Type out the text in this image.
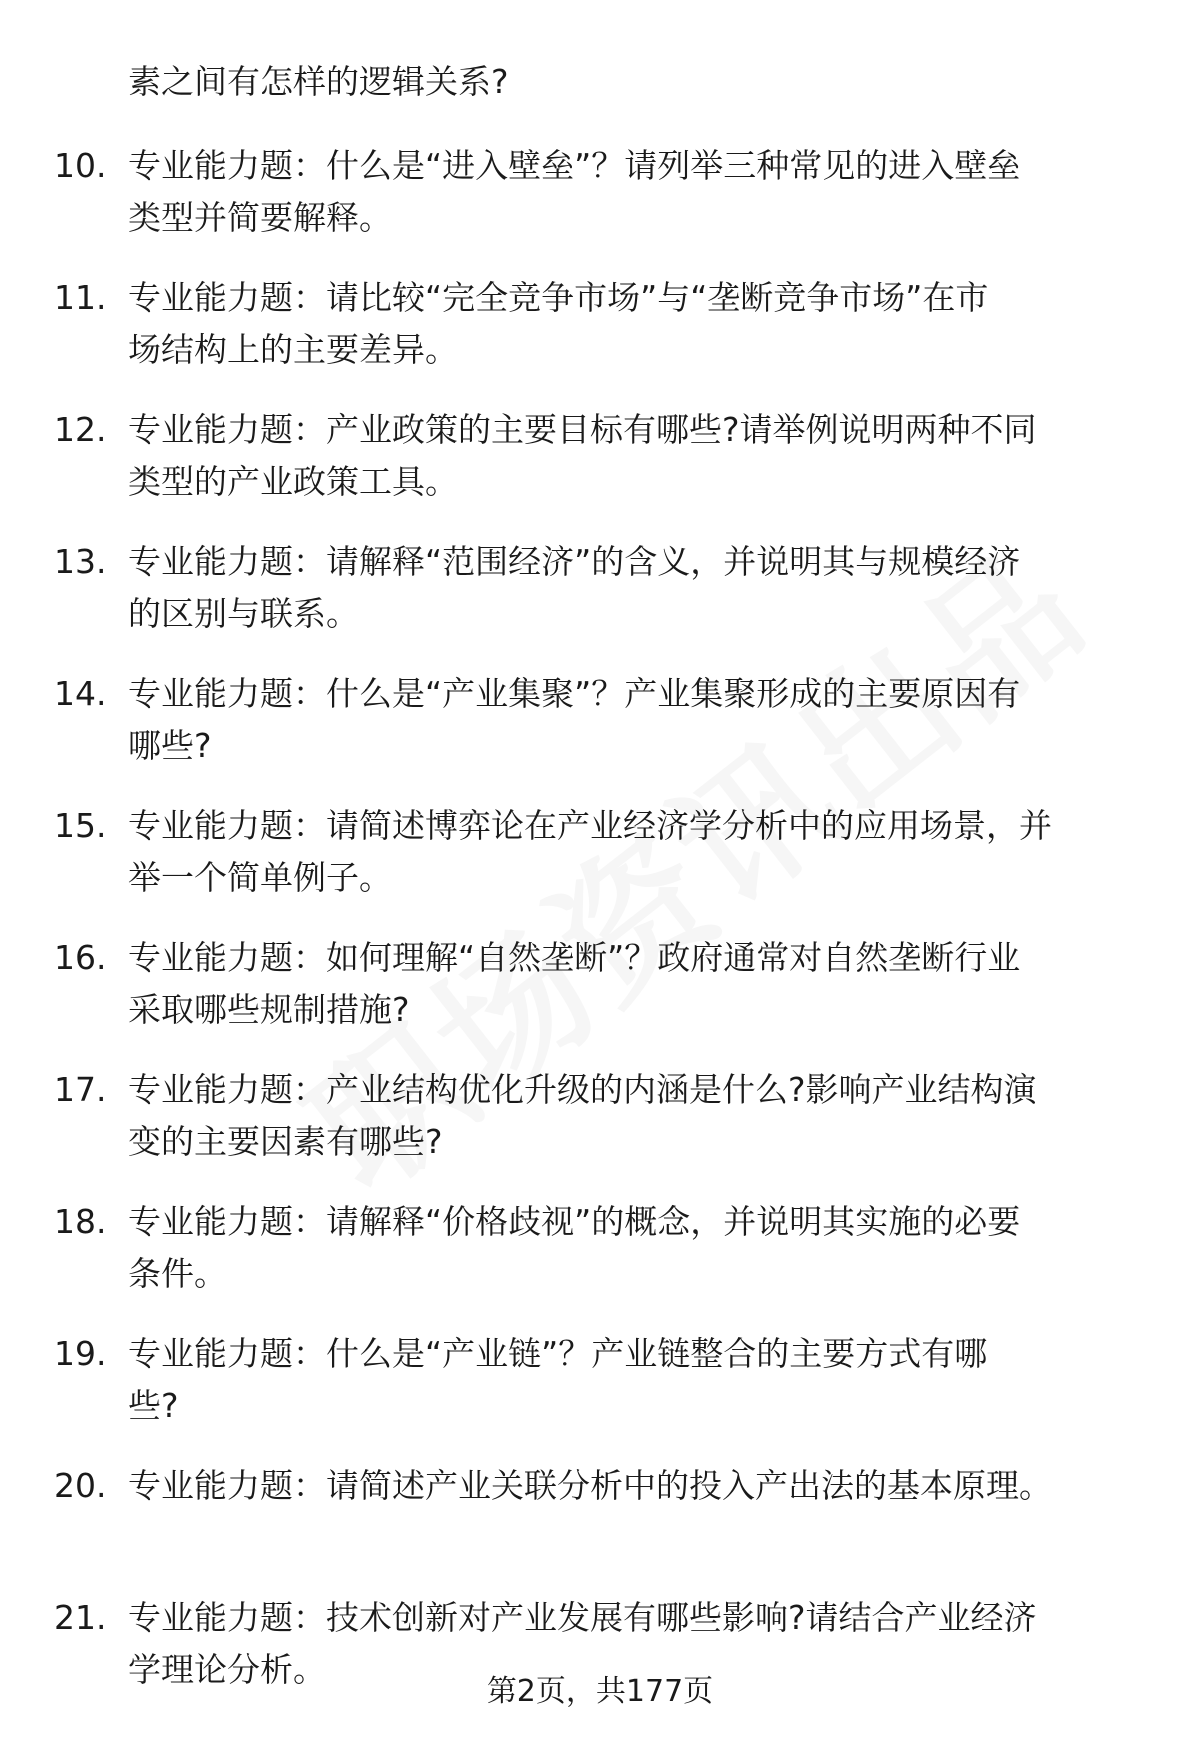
素之间有怎样的逻辑关系?
10. 专业能力题：什么是“进入壁垒”？请列举三种常见的进入壁垒
类型并简要解释。
11. 专业能力题：请比较“完全竞争市场”与“垄断竞争市场”在市
场结构上的主要差异。
12. 专业能力题：产业政策的主要目标有哪些?请举例说明两种不同
类型的产业政策工具。
13. 专业能力题：请解释“范围经济”的含义，并说明其与规模经济
的区别与联系。
14. 专业能力题：什么是“产业集聚”？产业集聚形成的主要原因有
哪些?
15. 专业能力题：请简述博弈论在产业经济学分析中的应用场景，并
举一个简单例子。
16. 专业能力题：如何理解“自然垄断”？政府通常对自然垄断行业
采取哪些规制措施?
17. 专业能力题：产业结构优化升级的内涵是什么?影响产业结构演
变的主要因素有哪些?
18. 专业能力题：请解释“价格歧视”的概念，并说明其实施的必要
条件。
19. 专业能力题：什么是“产业链”？产业链整合的主要方式有哪
些?
20. 专业能力题：请简述产业关联分析中的投入产出法的基本原理。
21. 专业能力题：技术创新对产业发展有哪些影响?请结合产业经济
学理论分析。
第2页，共177页
